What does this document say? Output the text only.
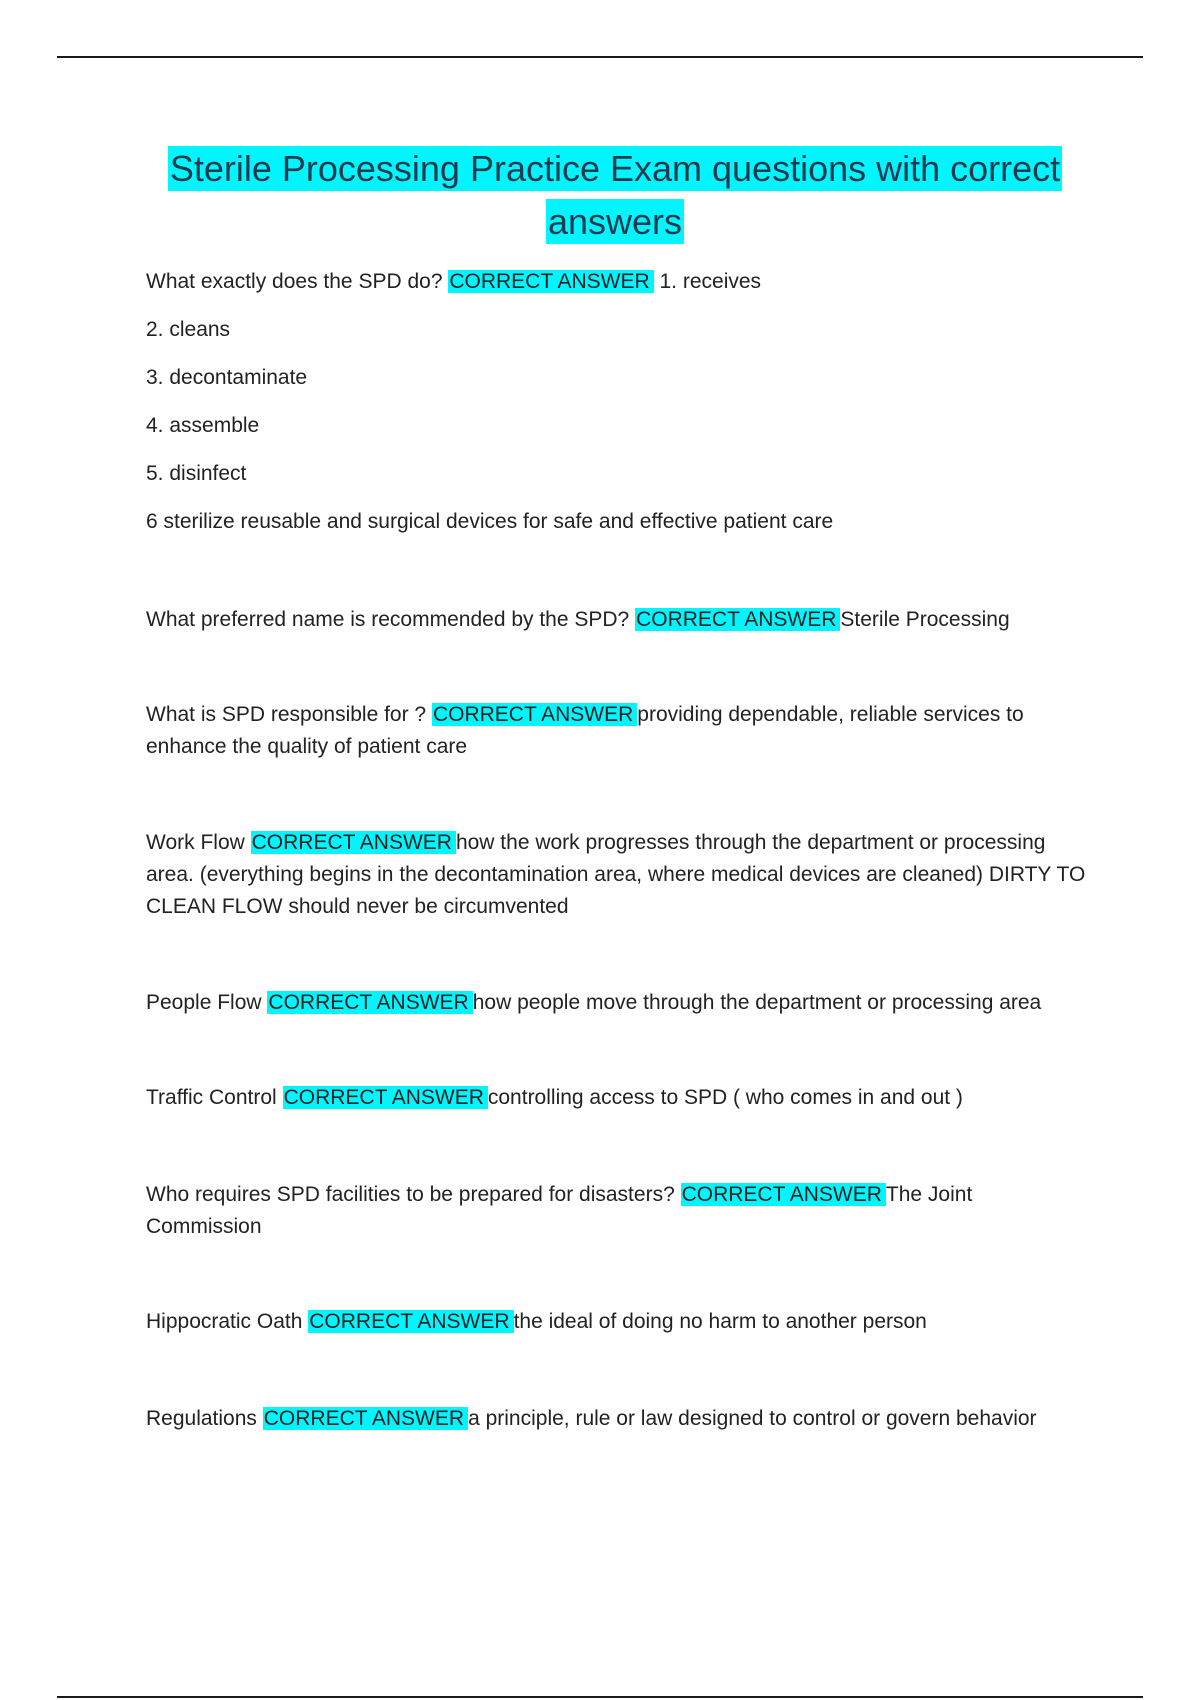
Sterile Processing Practice Exam questions with correct
answers

What exactly does the SPD do? CORRECT ANSWER 1. receives

2. cleans

3. decontaminate

4. assemble

5. disinfect

6 sterilize reusable and surgical devices for safe and effective patient care

What preferred name is recommended by the SPD? CORRECT ANSWER Sterile Processing

What is SPD responsible for ? CORRECT ANSWER providing dependable, reliable services to enhance the quality of patient care

Work Flow CORRECT ANSWER how the work progresses through the department or processing area. (everything begins in the decontamination area, where medical devices are cleaned) DIRTY TO CLEAN FLOW should never be circumvented

People Flow CORRECT ANSWER how people move through the department or processing area

Traffic Control CORRECT ANSWER controlling access to SPD ( who comes in and out )

Who requires SPD facilities to be prepared for disasters? CORRECT ANSWER The Joint Commission

Hippocratic Oath CORRECT ANSWER the ideal of doing no harm to another person

Regulations CORRECT ANSWER a principle, rule or law designed to control or govern behavior
